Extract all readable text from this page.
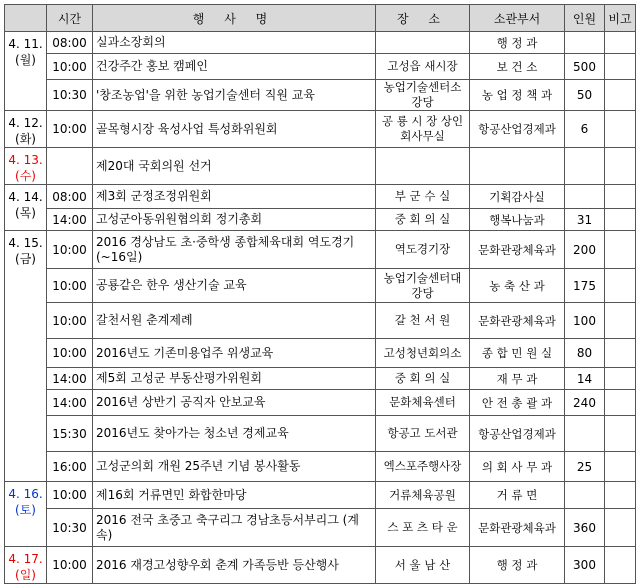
	시간	행 사 명	장 소	소관부서	인원	비고

4. 11.
(월)	08:00	실과소장회의		행 정 과		
	10:00	건강주간 홍보 캠페인	고성읍 새시장	보 건 소	500	
	10:30	'창조농업'을 위한 농업기술센터 직원 교육	농업기술센터소강당	농 업 정 책 과	50	

4. 12.
(화)	10:00	골목형시장 육성사업 특성화위원회	공 룡 시 장 상인회사무실	항공산업경제과	6	

4. 13.
(수)		제20대 국회의원 선거				

4. 14.
(목)	08:00	제3회 군정조정위원회	부 군 수 실	기획감사실		
	14:00	고성군아동위원협의회 정기총회	중 회 의 실	행복나눔과	31	

4. 15.
(금)	10:00	2016 경상남도 초·중학생 종합체육대회 역도경기 (~16일)	역도경기장	문화관광체육과	200	
	10:00	공룡같은 한우 생산기술 교육	농업기술센터대강당	농 축 산 과	175	
	10:00	갈천서원 춘계제례	갈 천 서 원	문화관광체육과	100	
	10:00	2016년도 기존미용업주 위생교육	고성청년회의소	종 합 민 원 실	80	
	14:00	제5회 고성군 부동산평가위원회	중 회 의 실	재 무 과	14	
	14:00	2016년 상반기 공직자 안보교육	문화체육센터	안 전 총 괄 과	240	
	15:30	2016년도 찾아가는 청소년 경제교육	항공고 도서관	항공산업경제과		
	16:00	고성군의회 개원 25주년 기념 봉사활동	엑스포주행사장	의 회 사 무 과	25	

4. 16.
(토)	10:00	제16회 거류면민 화합한마당	거류체육공원	거 류 면		
	10:30	2016 전국 초중고 축구리그 경남초등서부리그 (계속)	스 포 츠 타 운	문화관광체육과	360	

4. 17.
(일)	10:00	2016 재경고성향우회 춘계 가족등반 등산행사	서 울 남 산	행 정 과	300	
